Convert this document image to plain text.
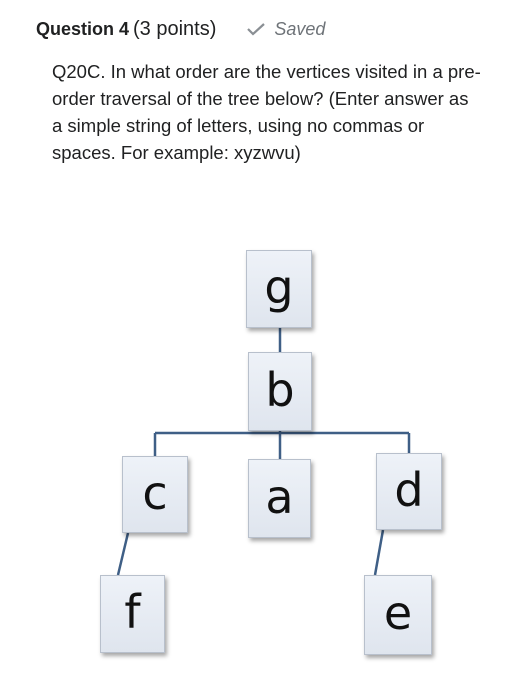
Question 4 (3 points)	Saved
Q20C. In what order are the vertices visited in a pre-order traversal of the tree below? (Enter answer as a simple string of letters, using no commas or spaces. For example: xyzwvu)
g
b
c a d
f	e
